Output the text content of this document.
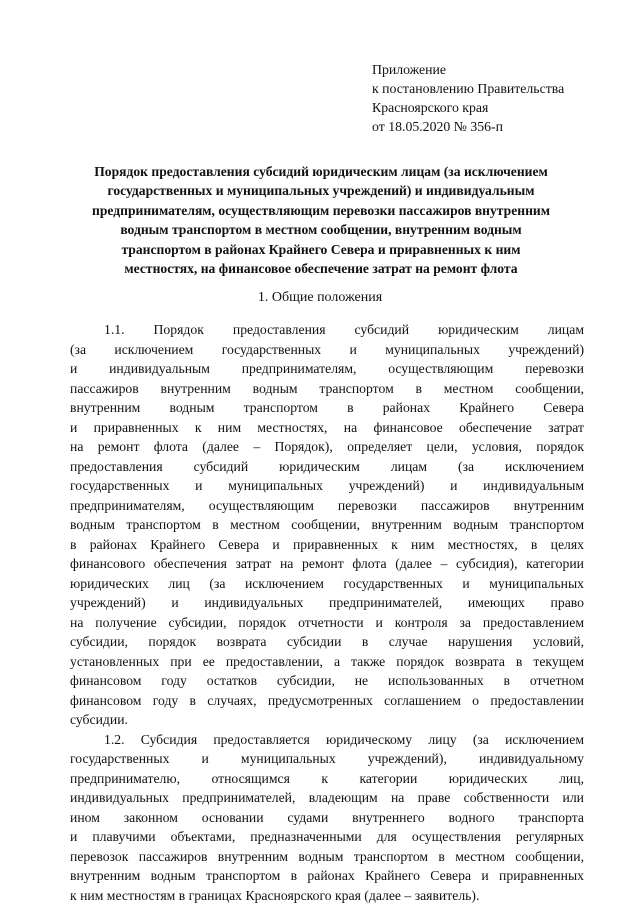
Приложение
к постановлению Правительства
Красноярского края
от 18.05.2020 № 356-п
Порядок предоставления субсидий юридическим лицам (за исключением
государственных и муниципальных учреждений) и индивидуальным
предпринимателям, осуществляющим перевозки пассажиров внутренним
водным транспортом в местном сообщении, внутренним водным
транспортом в районах Крайнего Севера и приравненных к ним
местностях, на финансовое обеспечение затрат на ремонт флота
1. Общие положения

1.1. Порядок предоставления субсидий юридическим лицам

(за исключением государственных и муниципальных учреждений)

и индивидуальным предпринимателям, осуществляющим перевозки

пассажиров внутренним водным транспортом в местном сообщении,

внутренним водным транспортом в районах Крайнего Севера

и приравненных к ним местностях, на финансовое обеспечение затрат

на ремонт флота (далее – Порядок), определяет цели, условия, порядок

предоставления субсидий юридическим лицам (за исключением

государственных и муниципальных учреждений) и индивидуальным

предпринимателям, осуществляющим перевозки пассажиров внутренним

водным транспортом в местном сообщении, внутренним водным транспортом

в районах Крайнего Севера и приравненных к ним местностях, в целях

финансового обеспечения затрат на ремонт флота (далее – субсидия), категории

юридических лиц (за исключением государственных и муниципальных

учреждений) и индивидуальных предпринимателей, имеющих право

на получение субсидии, порядок отчетности и контроля за предоставлением

субсидии, порядок возврата субсидии в случае нарушения условий,

установленных при ее предоставлении, а также порядок возврата в текущем

финансовом году остатков субсидии, не использованных в отчетном

финансовом году в случаях, предусмотренных соглашением о предоставлении

субсидии.

1.2. Субсидия предоставляется юридическому лицу (за исключением

государственных и муниципальных учреждений), индивидуальному

предпринимателю, относящимся к категории юридических лиц,

индивидуальных предпринимателей, владеющим на праве собственности или

ином законном основании судами внутреннего водного транспорта

и плавучими объектами, предназначенными для осуществления регулярных

перевозок пассажиров внутренним водным транспортом в местном сообщении,

внутренним водным транспортом в районах Крайнего Севера и приравненных

к ним местностям в границах Красноярского края (далее – заявитель).
